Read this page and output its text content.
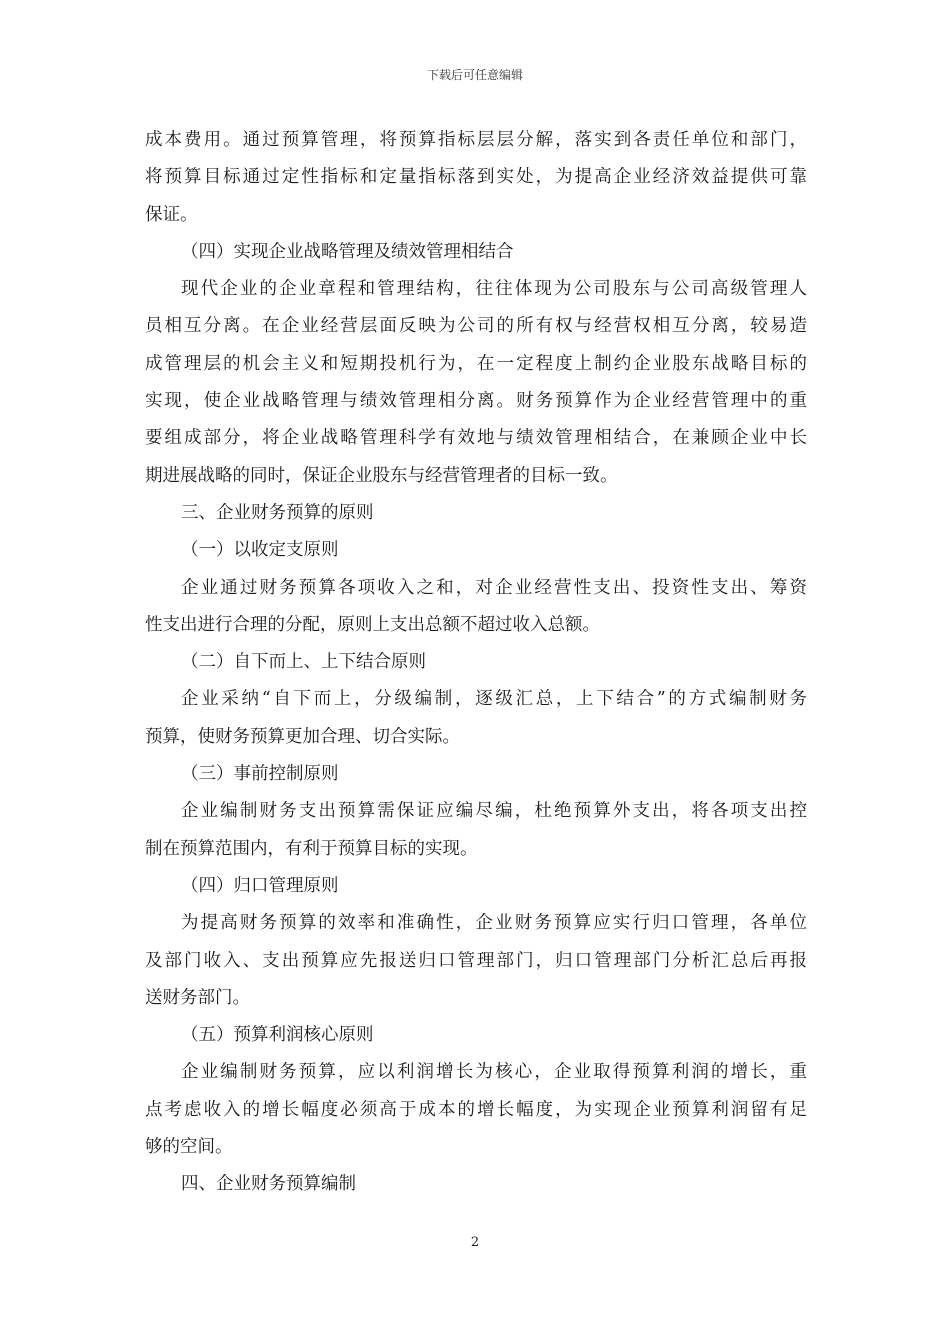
下载后可任意编辑
成本费用。通过预算管理，将预算指标层层分解，落实到各责任单位和部门，
将预算目标通过定性指标和定量指标落到实处，为提高企业经济效益提供可靠
保证。
（四）实现企业战略管理及绩效管理相结合
现代企业的企业章程和管理结构，往往体现为公司股东与公司高级管理人
员相互分离。在企业经营层面反映为公司的所有权与经营权相互分离，较易造
成管理层的机会主义和短期投机行为，在一定程度上制约企业股东战略目标的
实现，使企业战略管理与绩效管理相分离。财务预算作为企业经营管理中的重
要组成部分，将企业战略管理科学有效地与绩效管理相结合，在兼顾企业中长
期进展战略的同时，保证企业股东与经营管理者的目标一致。
三、企业财务预算的原则
（一）以收定支原则
企业通过财务预算各项收入之和，对企业经营性支出、投资性支出、筹资
性支出进行合理的分配，原则上支出总额不超过收入总额。
（二）自下而上、上下结合原则
企业采纳“自下而上，分级编制，逐级汇总，上下结合”的方式编制财务
预算，使财务预算更加合理、切合实际。
（三）事前控制原则
企业编制财务支出预算需保证应编尽编，杜绝预算外支出，将各项支出控
制在预算范围内，有利于预算目标的实现。
（四）归口管理原则
为提高财务预算的效率和准确性，企业财务预算应实行归口管理，各单位
及部门收入、支出预算应先报送归口管理部门，归口管理部门分析汇总后再报
送财务部门。
（五）预算利润核心原则
企业编制财务预算，应以利润增长为核心，企业取得预算利润的增长，重
点考虑收入的增长幅度必须高于成本的增长幅度，为实现企业预算利润留有足
够的空间。
四、企业财务预算编制
2
